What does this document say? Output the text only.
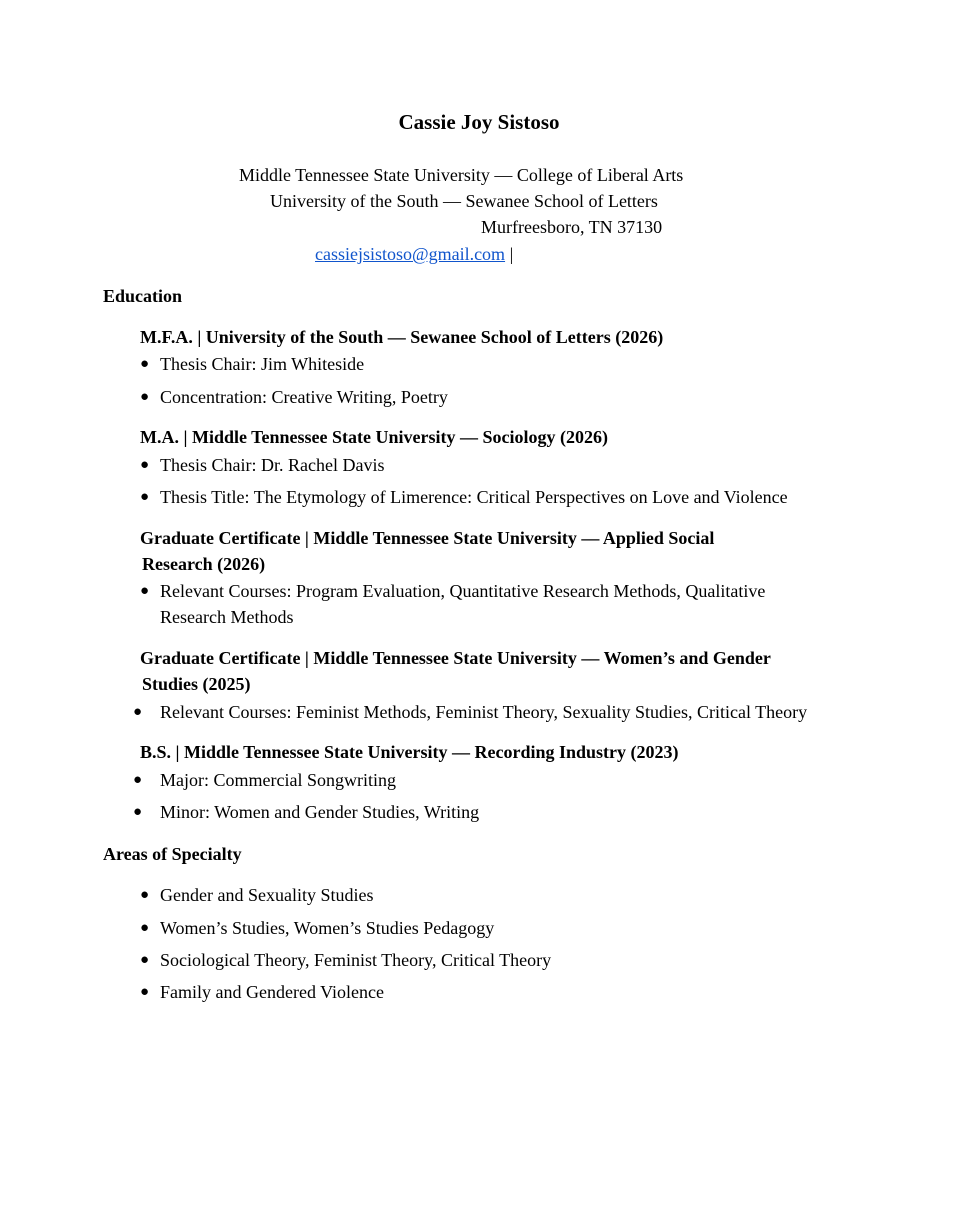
Cassie Joy Sistoso
Middle Tennessee State University — College of Liberal Arts
University of the South — Sewanee School of Letters
Murfreesboro, TN 37130
cassiejsistoso@gmail.com |
Education
M.F.A. | University of the South — Sewanee School of Letters (2026)
● Thesis Chair: Jim Whiteside
● Concentration: Creative Writing, Poetry
M.A. | Middle Tennessee State University — Sociology (2026)
● Thesis Chair: Dr. Rachel Davis
● Thesis Title: The Etymology of Limerence: Critical Perspectives on Love and Violence
Graduate Certificate | Middle Tennessee State University — Applied Social
Research (2026)
● Relevant Courses: Program Evaluation, Quantitative Research Methods, Qualitative
Research Methods
Graduate Certificate | Middle Tennessee State University — Women’s and Gender
Studies (2025)
● Relevant Courses: Feminist Methods, Feminist Theory, Sexuality Studies, Critical Theory
B.S. | Middle Tennessee State University — Recording Industry (2023)
● Major: Commercial Songwriting
● Minor: Women and Gender Studies, Writing
Areas of Specialty
● Gender and Sexuality Studies
● Women’s Studies, Women’s Studies Pedagogy
● Sociological Theory, Feminist Theory, Critical Theory
● Family and Gendered Violence
